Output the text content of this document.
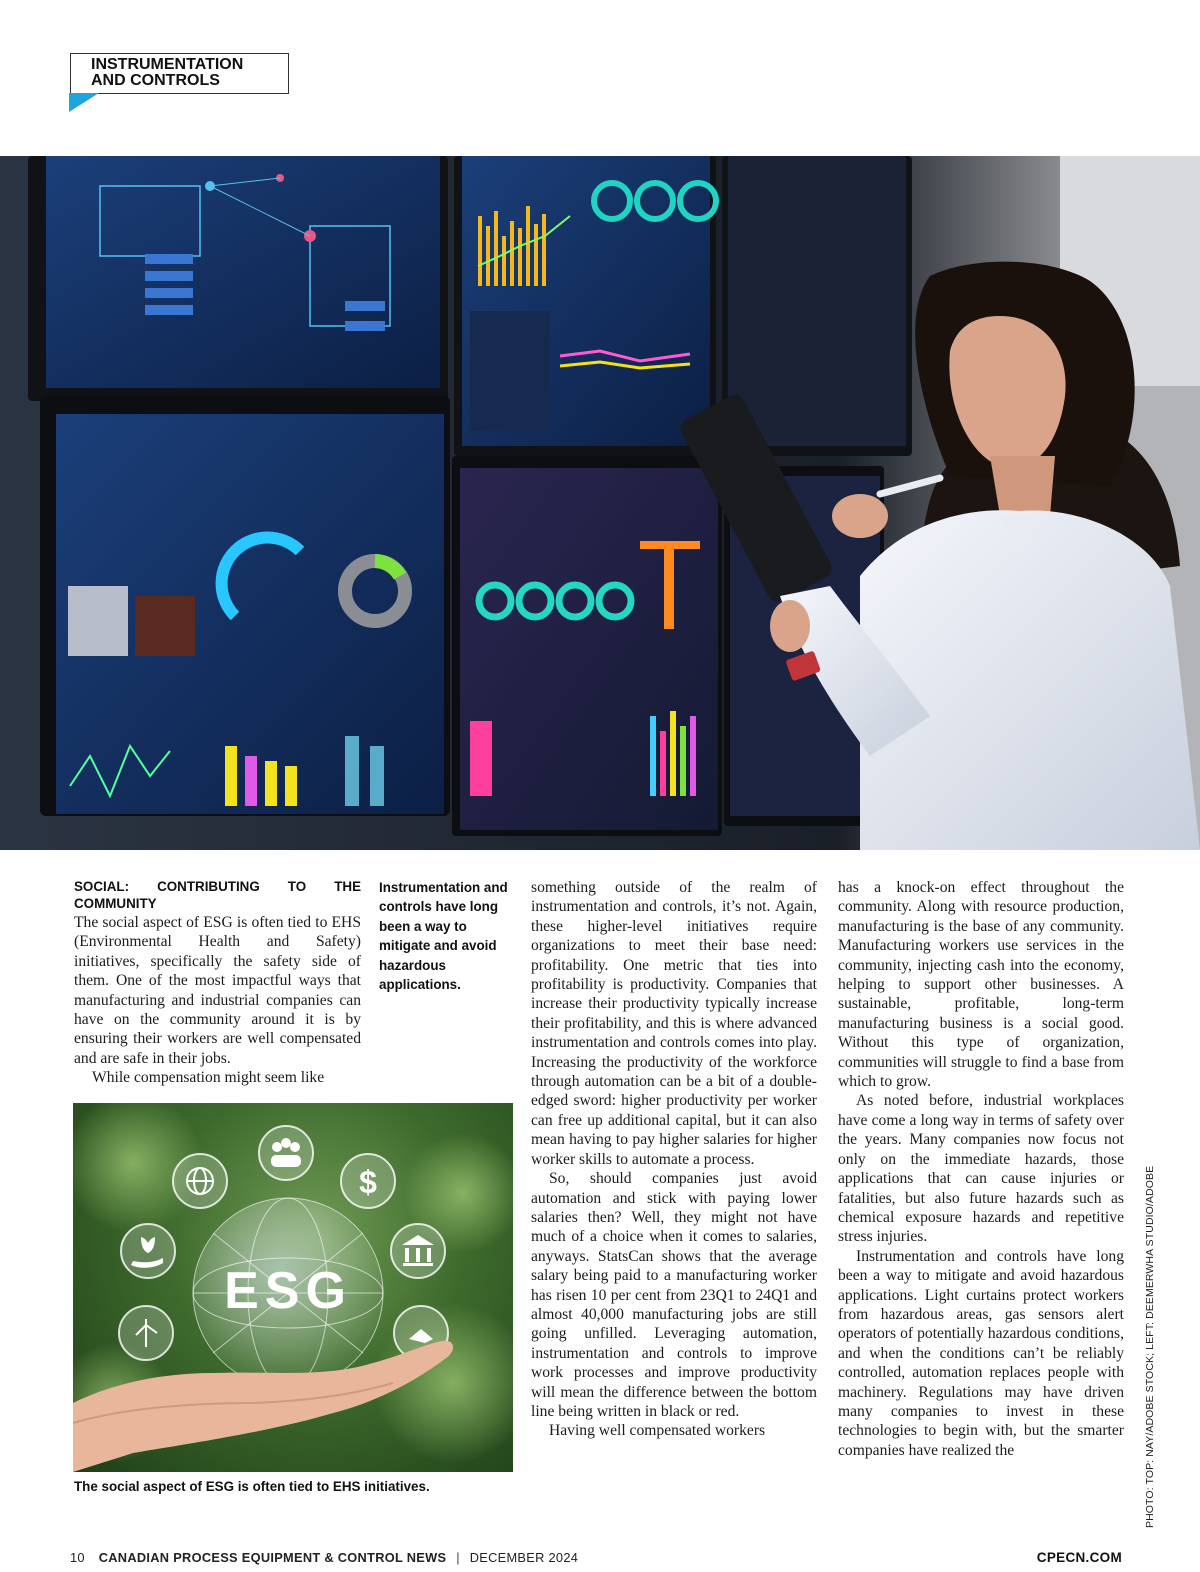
INSTRUMENTATION
AND CONTROLS
SOCIAL: CONTRIBUTING TO THE COMMUNITY

The social aspect of ESG is often tied to EHS (Environmental Health and Safety) initiatives, specifically the safety side of them. One of the most impactful ways that manufacturing and industrial companies can have on the community around it is by ensuring their workers are well compensated and are safe in their jobs.

While compensation might seem like

Instrumentation and controls have long been a way to mitigate and avoid hazardous applications.
ESG
$
The social aspect of ESG is often tied to EHS initiatives.

something outside of the realm of instrumentation and controls, it’s not. Again, these higher-level initiatives require organizations to meet their base need: profitability. One metric that ties into profitability is productivity. Companies that increase their productivity typically increase their profitability, and this is where advanced instrumentation and controls comes into play. Increasing the productivity of the workforce through automation can be a bit of a double-edged sword: higher productivity per worker can free up additional capital, but it can also mean having to pay higher salaries for higher worker skills to automate a process.

So, should companies just avoid automation and stick with paying lower salaries then? Well, they might not have much of a choice when it comes to salaries, anyways. StatsCan shows that the average salary being paid to a manufacturing worker has risen 10 per cent from 23Q1 to 24Q1 and almost 40,000 manufacturing jobs are still going unfilled. Leveraging automation, instrumentation and controls to improve work processes and improve productivity will mean the difference between the bottom line being written in black or red.

Having well compensated workers

has a knock-on effect throughout the community. Along with resource production, manufacturing is the base of any community. Manufacturing workers use services in the community, injecting cash into the economy, helping to support other businesses. A sustainable, profitable, long-term manufacturing business is a social good. Without this type of organization, communities will struggle to find a base from which to grow.

As noted before, industrial workplaces have come a long way in terms of safety over the years. Many companies now focus not only on the immediate hazards, those applications that can cause injuries or fatalities, but also future hazards such as chemical exposure hazards and repetitive stress injuries.

Instrumentation and controls have long been a way to mitigate and avoid hazardous applications. Light curtains protect workers from hazardous areas, gas sensors alert operators of potentially hazardous conditions, and when the conditions can’t be reliably controlled, automation replaces people with machinery. Regulations may have driven many companies to invest in these technologies to begin with, but the smarter companies have realized the	PHOTO: TOP: NAY/ADOBE STOCK; LEFT: DEEMERWHA STUDIO/ADOBE
10 CANADIAN PROCESS EQUIPMENT & CONTROL NEWS | DECEMBER 2024	CPECN.COM
